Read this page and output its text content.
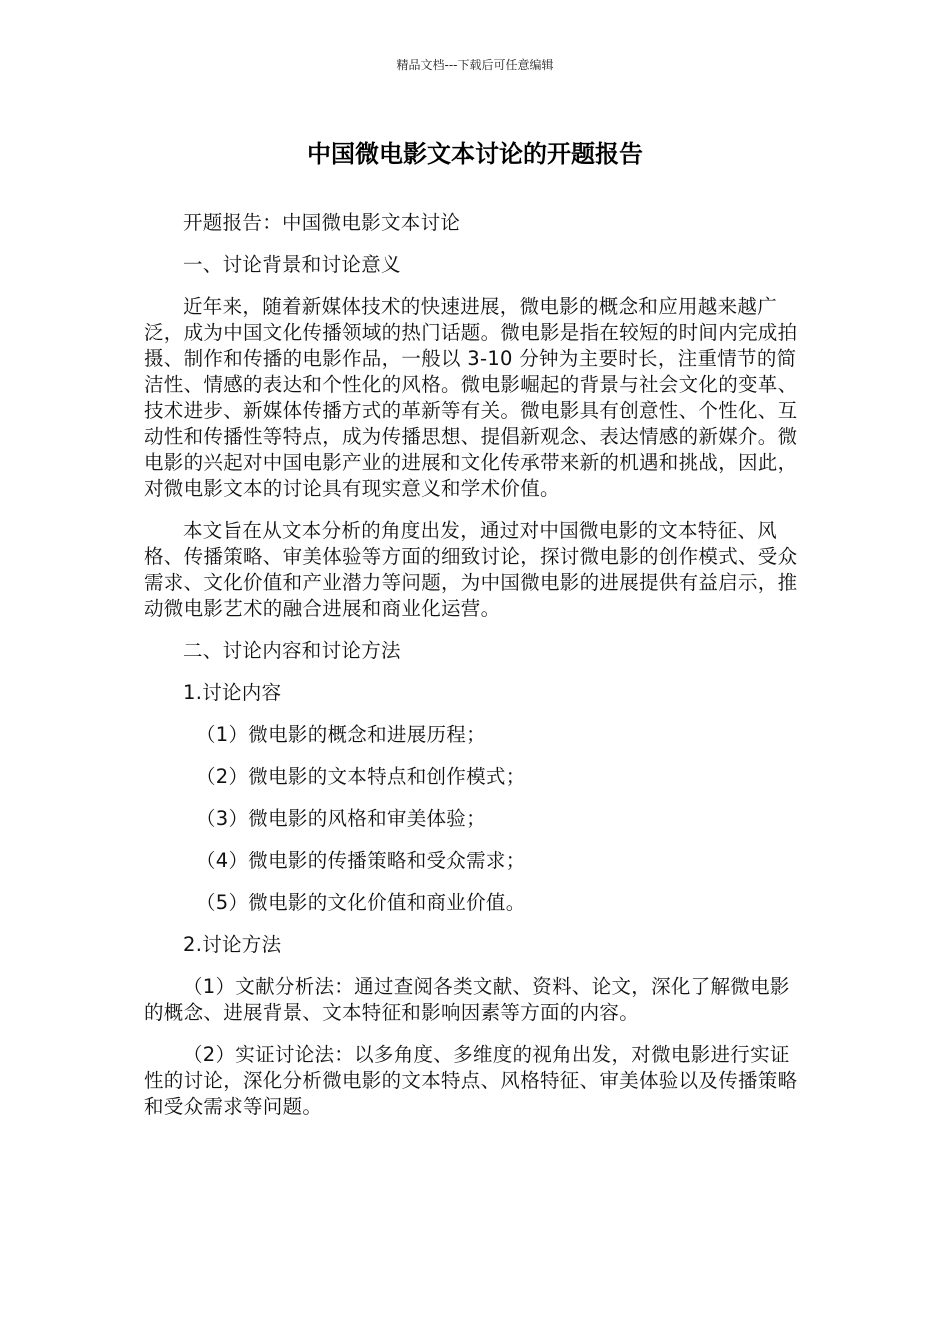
精品文档---下载后可任意编辑
中国微电影文本讨论的开题报告

开题报告：中国微电影文本讨论

一、讨论背景和讨论意义

近年来，随着新媒体技术的快速进展，微电影的概念和应用越来越广泛，成为中国文化传播领域的热门话题。微电影是指在较短的时间内完成拍摄、制作和传播的电影作品，一般以 3-10 分钟为主要时长，注重情节的简洁性、情感的表达和个性化的风格。微电影崛起的背景与社会文化的变革、技术进步、新媒体传播方式的革新等有关。微电影具有创意性、个性化、互动性和传播性等特点，成为传播思想、提倡新观念、表达情感的新媒介。微电影的兴起对中国电影产业的进展和文化传承带来新的机遇和挑战，因此，对微电影文本的讨论具有现实意义和学术价值。

本文旨在从文本分析的角度出发，通过对中国微电影的文本特征、风格、传播策略、审美体验等方面的细致讨论，探讨微电影的创作模式、受众需求、文化价值和产业潜力等问题，为中国微电影的进展提供有益启示，推动微电影艺术的融合进展和商业化运营。

二、讨论内容和讨论方法

1.讨论内容

（1）微电影的概念和进展历程；

（2）微电影的文本特点和创作模式；

（3）微电影的风格和审美体验；

（4）微电影的传播策略和受众需求；

（5）微电影的文化价值和商业价值。

2.讨论方法

（1）文献分析法：通过查阅各类文献、资料、论文，深化了解微电影的概念、进展背景、文本特征和影响因素等方面的内容。

（2）实证讨论法：以多角度、多维度的视角出发，对微电影进行实证性的讨论，深化分析微电影的文本特点、风格特征、审美体验以及传播策略和受众需求等问题。
